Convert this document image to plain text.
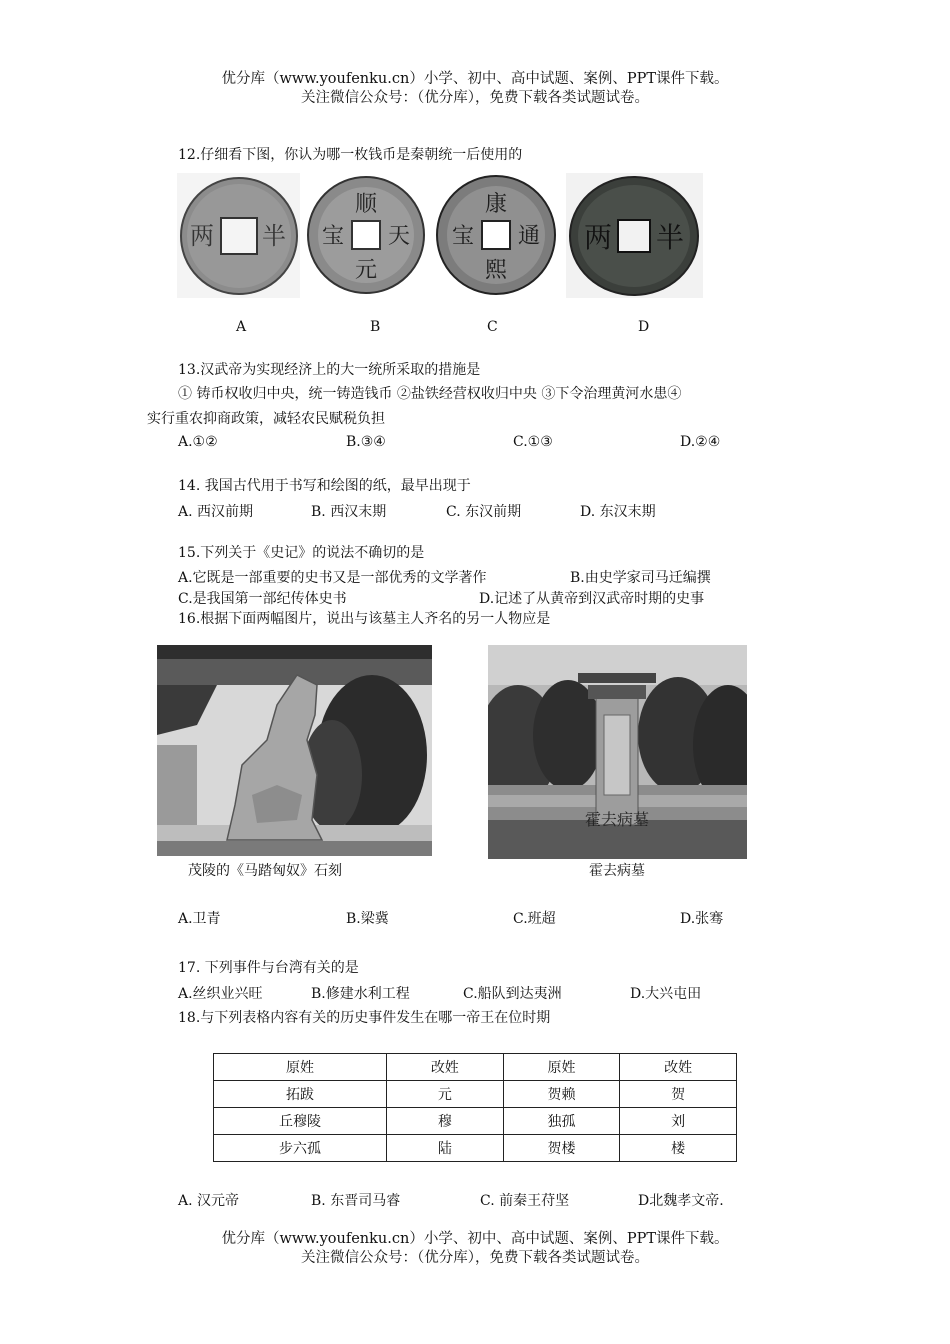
优分库（www.youfenku.cn）小学、初中、高中试题、案例、PPT课件下载。
关注微信公众号：（优分库），免费下载各类试题试卷。
12.仔细看下图，你认为哪一枚钱币是秦朝统一后使用的
半
两
顺
天
元
宝
康
熙
通
宝	半
两
A	B	C	D
13.汉武帝为实现经济上的大一统所采取的措施是
① 铸币权收归中央，统一铸造钱币 ②盐铁经营权收归中央 ③下令治理黄河水患④
实行重农抑商政策，减轻农民赋税负担
A.①②	B.③④	C.①③	D.②④
14. 我国古代用于书写和绘图的纸，最早出现于
A. 西汉前期	B. 西汉末期	C. 东汉前期	D. 东汉末期
15.下列关于《史记》的说法不确切的是
A.它既是一部重要的史书又是一部优秀的文学著作	B.由史学家司马迁编撰
C.是我国第一部纪传体史书	D.记述了从黄帝到汉武帝时期的史事
16.根据下面两幅图片，说出与该墓主人齐名的另一人物应是
霍去病墓
茂陵的《马踏匈奴》石刻	霍去病墓
A.卫青	B.梁冀	C.班超	D.张骞
17. 下列事件与台湾有关的是
A.丝织业兴旺	B.修建水利工程	C.船队到达夷洲	D.大兴屯田
18.与下列表格内容有关的历史事件发生在哪一帝王在位时期
原姓	改姓	原姓	改姓
拓跋	元	贺赖	贺
丘穆陵	穆	独孤	刘
步六孤	陆	贺楼	楼
A. 汉元帝	B. 东晋司马睿	C. 前秦王苻坚	D北魏孝文帝.
优分库（www.youfenku.cn）小学、初中、高中试题、案例、PPT课件下载。
关注微信公众号：（优分库），免费下载各类试题试卷。
